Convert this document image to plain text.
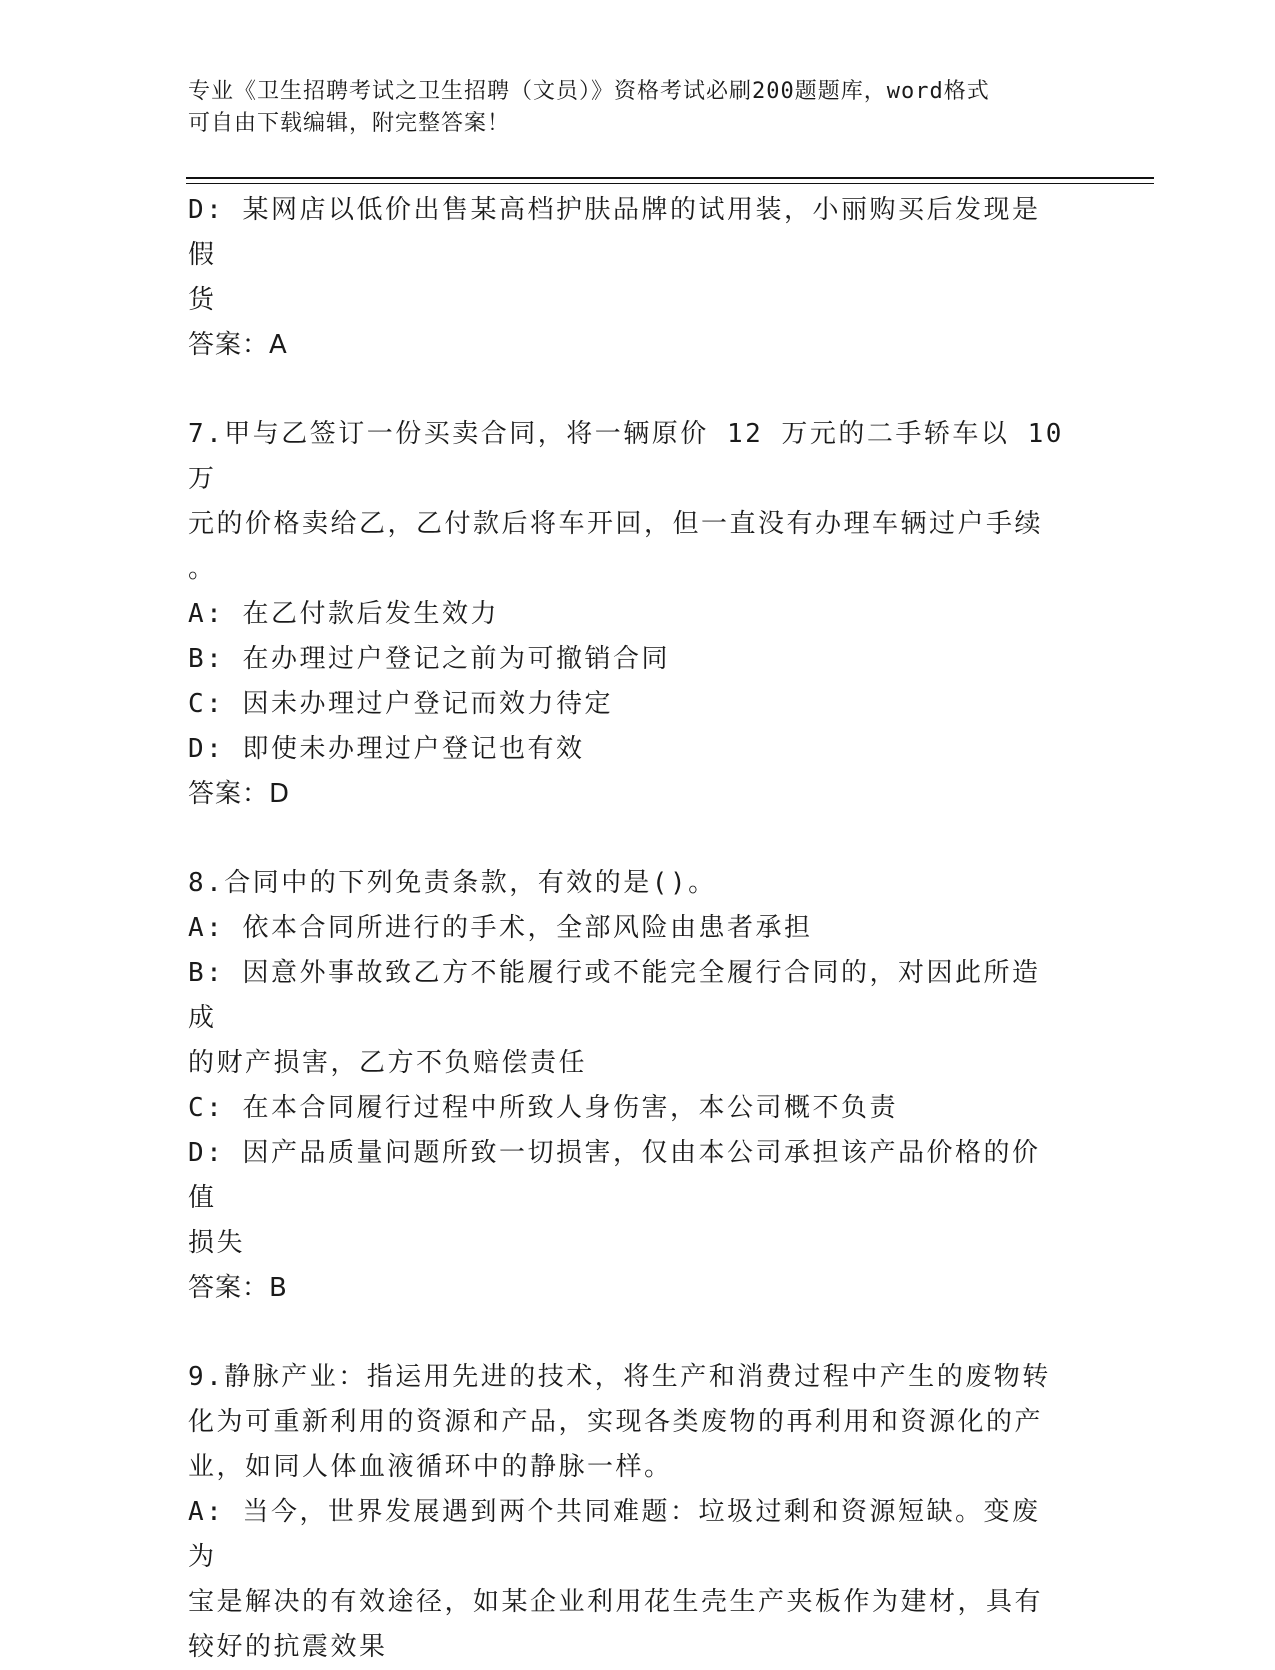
专业《卫生招聘考试之卫生招聘（文员）》资格考试必刷200题题库，word格式
可自由下载编辑，附完整答案！
D: 某网店以低价出售某高档护肤品牌的试用装，小丽购买后发现是假
货
答案：A
7.甲与乙签订一份买卖合同，将一辆原价 12 万元的二手轿车以 10 万
元的价格卖给乙，乙付款后将车开回，但一直没有办理车辆过户手续
。
A: 在乙付款后发生效力
B: 在办理过户登记之前为可撤销合同
C: 因未办理过户登记而效力待定
D: 即使未办理过户登记也有效
答案：D
8.合同中的下列免责条款，有效的是()。
A: 依本合同所进行的手术，全部风险由患者承担
B: 因意外事故致乙方不能履行或不能完全履行合同的，对因此所造成
的财产损害，乙方不负赔偿责任
C: 在本合同履行过程中所致人身伤害，本公司概不负责
D: 因产品质量问题所致一切损害，仅由本公司承担该产品价格的价值
损失
答案：B
9.静脉产业：指运用先进的技术，将生产和消费过程中产生的废物转
化为可重新利用的资源和产品，实现各类废物的再利用和资源化的产
业，如同人体血液循环中的静脉一样。
A: 当今，世界发展遇到两个共同难题：垃圾过剩和资源短缺。变废为
宝是解决的有效途径，如某企业利用花生壳生产夹板作为建材，具有
较好的抗震效果
